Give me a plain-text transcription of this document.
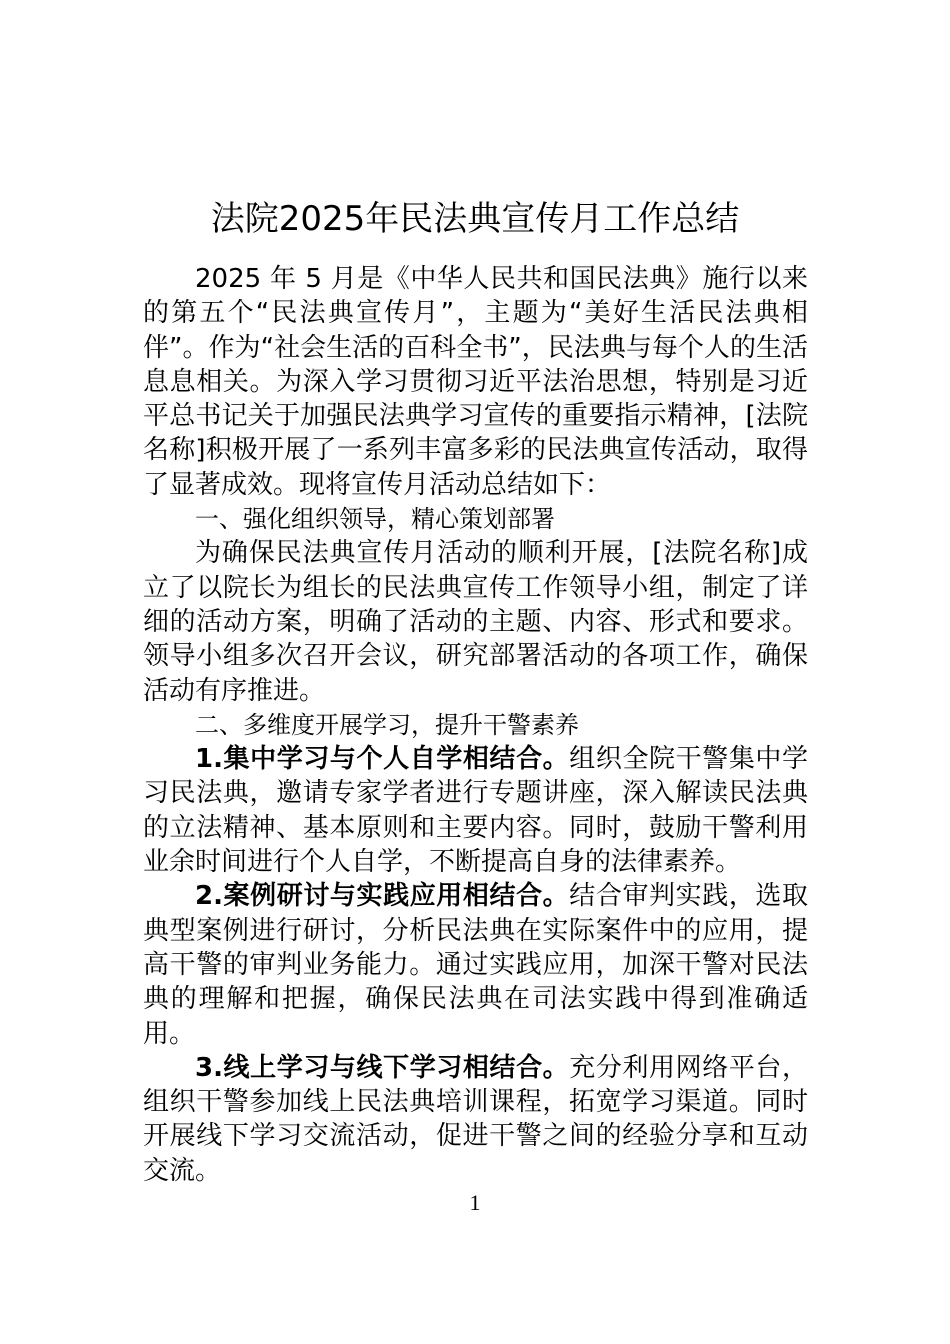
法院2025年民法典宣传月工作总结

2025 年 5 月是《中华人民共和国民法典》施行以来的第五个“民法典宣传月”，主题为“美好生活民法典相伴”。作为“社会生活的百科全书”，民法典与每个人的生活息息相关。为深入学习贯彻习近平法治思想，特别是习近平总书记关于加强民法典学习宣传的重要指示精神，[法院名称]积极开展了一系列丰富多彩的民法典宣传活动，取得了显著成效。现将宣传月活动总结如下：

一、强化组织领导，精心策划部署

为确保民法典宣传月活动的顺利开展，[法院名称]成立了以院长为组长的民法典宣传工作领导小组，制定了详细的活动方案，明确了活动的主题、内容、形式和要求。领导小组多次召开会议，研究部署活动的各项工作，确保活动有序推进。

二、多维度开展学习，提升干警素养

1.集中学习与个人自学相结合。组织全院干警集中学习民法典，邀请专家学者进行专题讲座，深入解读民法典的立法精神、基本原则和主要内容。同时，鼓励干警利用业余时间进行个人自学，不断提高自身的法律素养。

2.案例研讨与实践应用相结合。结合审判实践，选取典型案例进行研讨，分析民法典在实际案件中的应用，提高干警的审判业务能力。通过实践应用，加深干警对民法典的理解和把握，确保民法典在司法实践中得到准确适用。

3.线上学习与线下学习相结合。充分利用网络平台，组织干警参加线上民法典培训课程，拓宽学习渠道。同时开展线下学习交流活动，促进干警之间的经验分享和互动交流。

1
